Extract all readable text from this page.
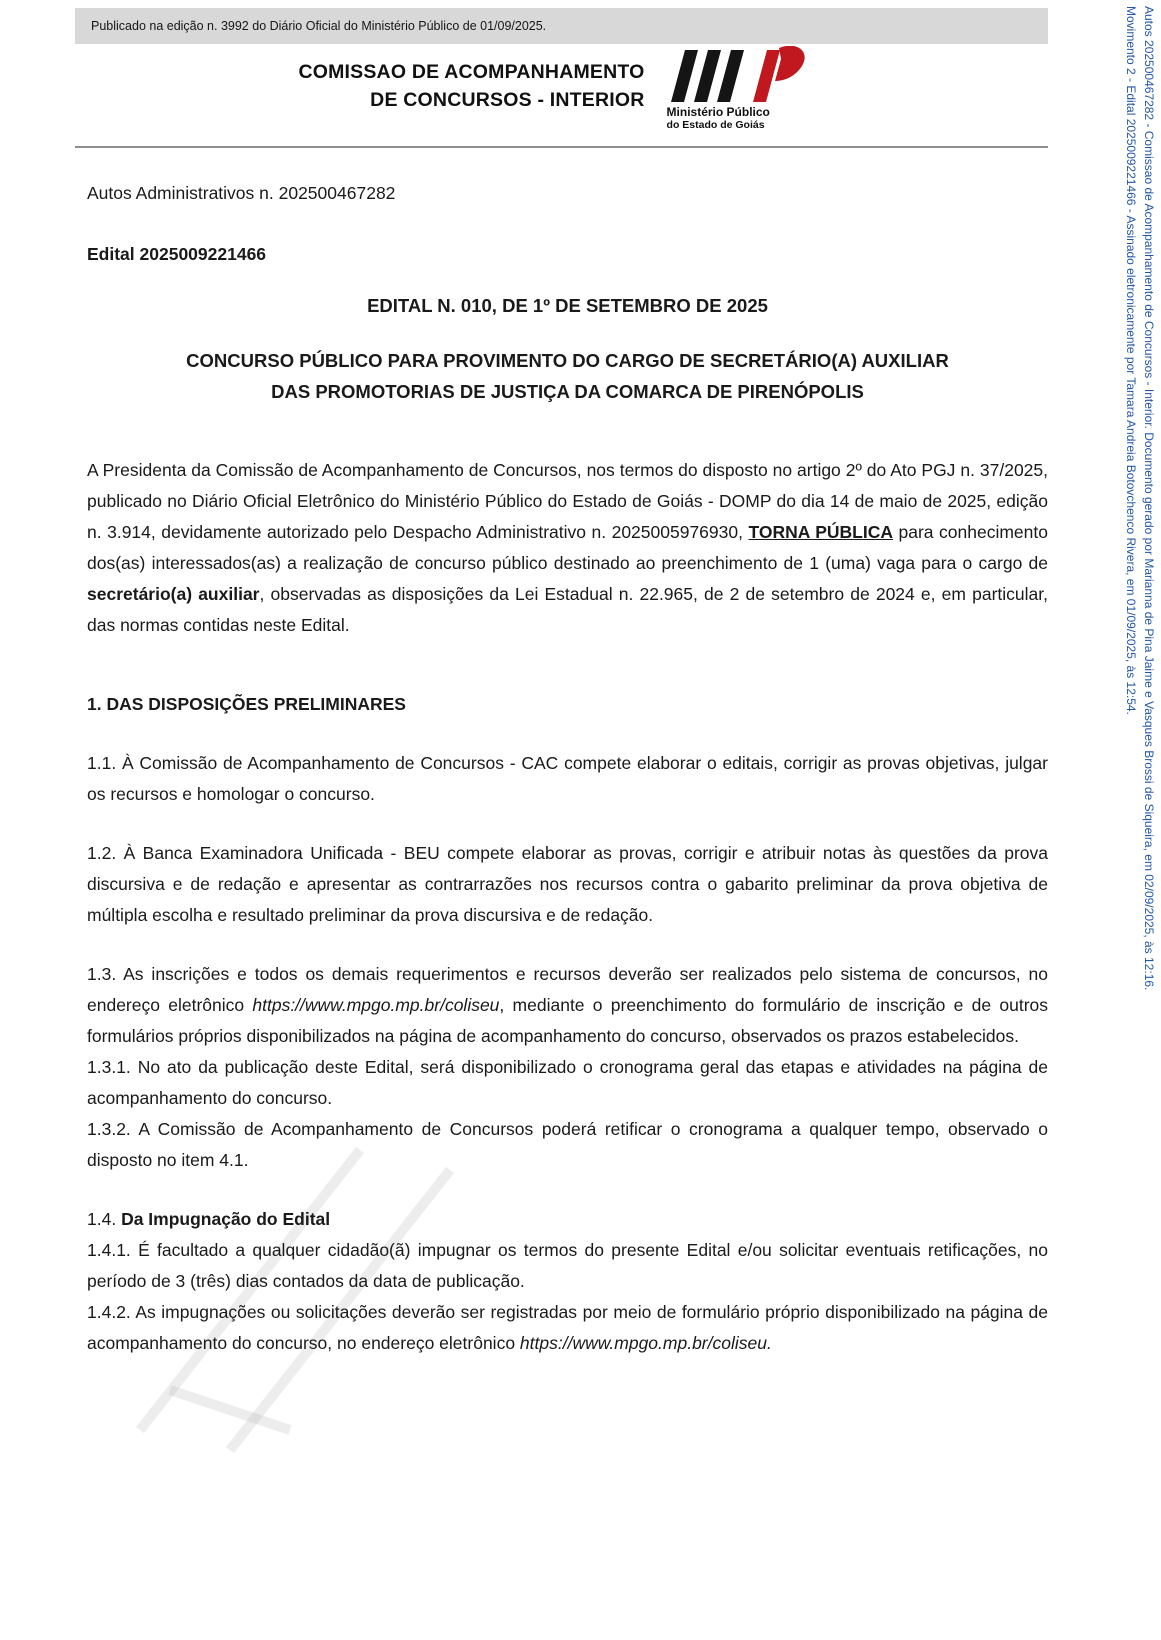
Publicado na edição n. 3992 do Diário Oficial do Ministério Público de 01/09/2025.
COMISSAO DE ACOMPANHAMENTO
DE CONCURSOS - INTERIOR
Ministério Público
do Estado de Goiás

Autos Administrativos n. 202500467282

Edital 2025009221466

EDITAL N. 010, DE 1º DE SETEMBRO DE 2025

CONCURSO PÚBLICO PARA PROVIMENTO DO CARGO DE SECRETÁRIO(A) AUXILIAR
DAS PROMOTORIAS DE JUSTIÇA DA COMARCA DE PIRENÓPOLIS

A Presidenta da Comissão de Acompanhamento de Concursos, nos termos do disposto no artigo 2º do Ato PGJ n. 37/2025, publicado no Diário Oficial Eletrônico do Ministério Público do Estado de Goiás - DOMP do dia 14 de maio de 2025, edição n. 3.914, devidamente autorizado pelo Despacho Administrativo n. 2025005976930, TORNA PÚBLICA para conhecimento dos(as) interessados(as) a realização de concurso público destinado ao preenchimento de 1 (uma) vaga para o cargo de secretário(a) auxiliar, observadas as disposições da Lei Estadual n. 22.965, de 2 de setembro de 2024 e, em particular, das normas contidas neste Edital.

1. DAS DISPOSIÇÕES PRELIMINARES

1.1. À Comissão de Acompanhamento de Concursos - CAC compete elaborar o editais, corrigir as provas objetivas, julgar os recursos e homologar o concurso.

1.2. À Banca Examinadora Unificada - BEU compete elaborar as provas, corrigir e atribuir notas às questões da prova discursiva e de redação e apresentar as contrarrazões nos recursos contra o gabarito preliminar da prova objetiva de múltipla escolha e resultado preliminar da prova discursiva e de redação.

1.3. As inscrições e todos os demais requerimentos e recursos deverão ser realizados pelo sistema de concursos, no endereço eletrônico https://www.mpgo.mp.br/coliseu, mediante o preenchimento do formulário de inscrição e de outros formulários próprios disponibilizados na página de acompanhamento do concurso, observados os prazos estabelecidos.

1.3.1. No ato da publicação deste Edital, será disponibilizado o cronograma geral das etapas e atividades na página de acompanhamento do concurso.

1.3.2. A Comissão de Acompanhamento de Concursos poderá retificar o cronograma a qualquer tempo, observado o disposto no item 4.1.

1.4. Da Impugnação do Edital

1.4.1. É facultado a qualquer cidadão(ã) impugnar os termos do presente Edital e/ou solicitar eventuais retificações, no período de 3 (três) dias contados da data de publicação.

1.4.2. As impugnações ou solicitações deverão ser registradas por meio de formulário próprio disponibilizado na página de acompanhamento do concurso, no endereço eletrônico https://www.mpgo.mp.br/coliseu.

Autos 202500467282 - Comissao de Acompanhamento de Concursos - Interior. Documento gerado por Marianna de Pina Jaime e Vasques Brossi de Siqueira, em 02/09/2025, às 12:16.

Movimento 2 - Edital 2025009221466 - Assinado eletronicamente por Tamara Andreia Botovchenco Rivera, em 01/09/2025, às 12:54.
